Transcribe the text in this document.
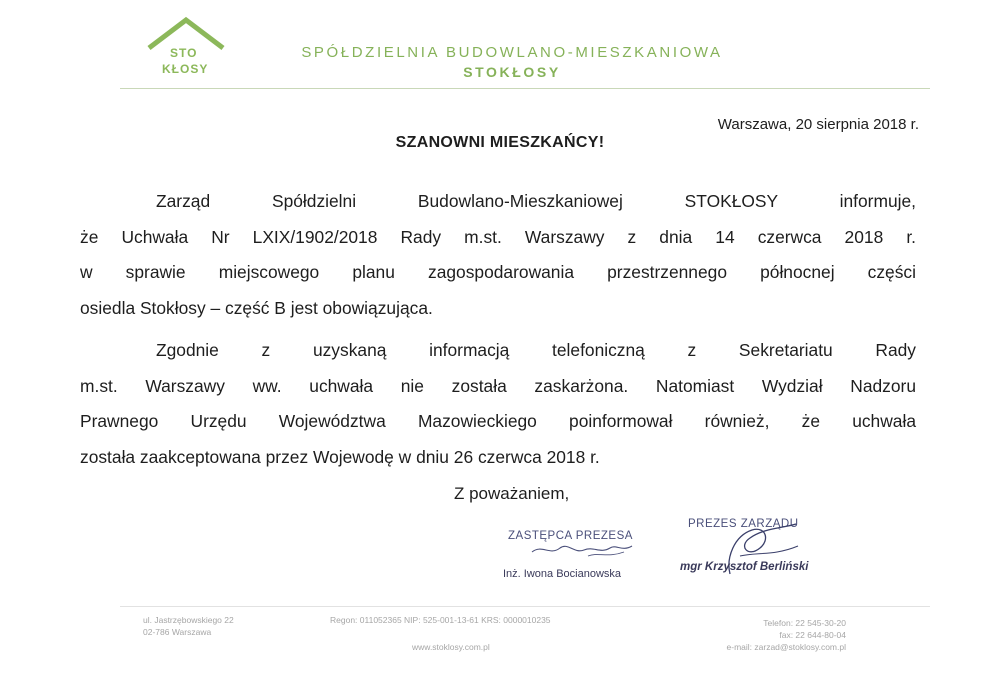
STO
KŁOSY
SPÓŁDZIELNIA BUDOWLANO-MIESZKANIOWA
STOKŁOSY
Warszawa, 20 sierpnia 2018 r.
SZANOWNI MIESZKAŃCY!
Zarząd Spółdzielni Budowlano-Mieszkaniowej STOKŁOSY informuje,
że Uchwała Nr LXIX/1902/2018 Rady m.st. Warszawy z dnia 14 czerwca 2018 r.
w sprawie miejscowego planu zagospodarowania przestrzennego północnej części
osiedla Stokłosy – część B jest obowiązująca.
Zgodnie z uzyskaną informacją telefoniczną z Sekretariatu Rady
m.st. Warszawy ww. uchwała nie została zaskarżona. Natomiast Wydział Nadzoru
Prawnego Urzędu Województwa Mazowieckiego poinformował również, że uchwała
została zaakceptowana przez Wojewodę w dniu 26 czerwca 2018 r.
Z poważaniem,
ZASTĘPCA PREZESA
Inż. Iwona Bocianowska
PREZES ZARZĄDU
mgr Krzysztof Berliński
ul. Jastrzębowskiego 22
02-786 Warszawa
Regon: 011052365 NIP: 525-001-13-61 KRS: 0000010235
www.stoklosy.com.pl
Telefon: 22 545-30-20
fax: 22 644-80-04
e-mail: zarzad@stoklosy.com.pl
